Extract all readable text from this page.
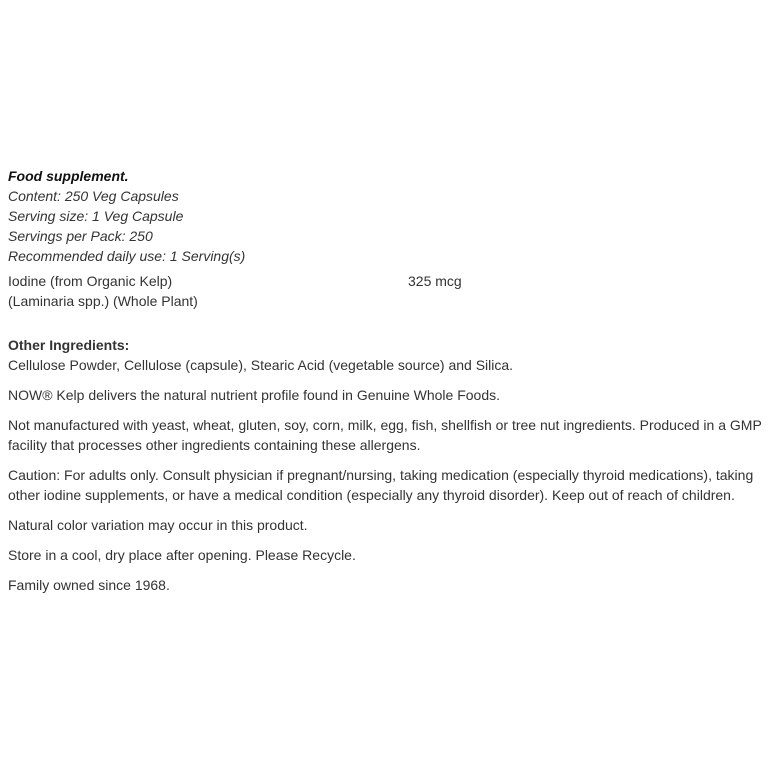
Food supplement.

Content: 250 Veg Capsules

Serving size: 1 Veg Capsule

Servings per Pack: 250

Recommended daily use: 1 Serving(s)

Iodine (from Organic Kelp)	325 mcg

(Laminaria spp.) (Whole Plant)

Other Ingredients:

Cellulose Powder, Cellulose (capsule), Stearic Acid (vegetable source) and Silica.

NOW® Kelp delivers the natural nutrient profile found in Genuine Whole Foods.

Not manufactured with yeast, wheat, gluten, soy, corn, milk, egg, fish, shellfish or tree nut ingredients. Produced in a GMP

facility that processes other ingredients containing these allergens.

Caution: For adults only. Consult physician if pregnant/nursing, taking medication (especially thyroid medications), taking

other iodine supplements, or have a medical condition (especially any thyroid disorder). Keep out of reach of children.

Natural color variation may occur in this product.

Store in a cool, dry place after opening. Please Recycle.

Family owned since 1968.
